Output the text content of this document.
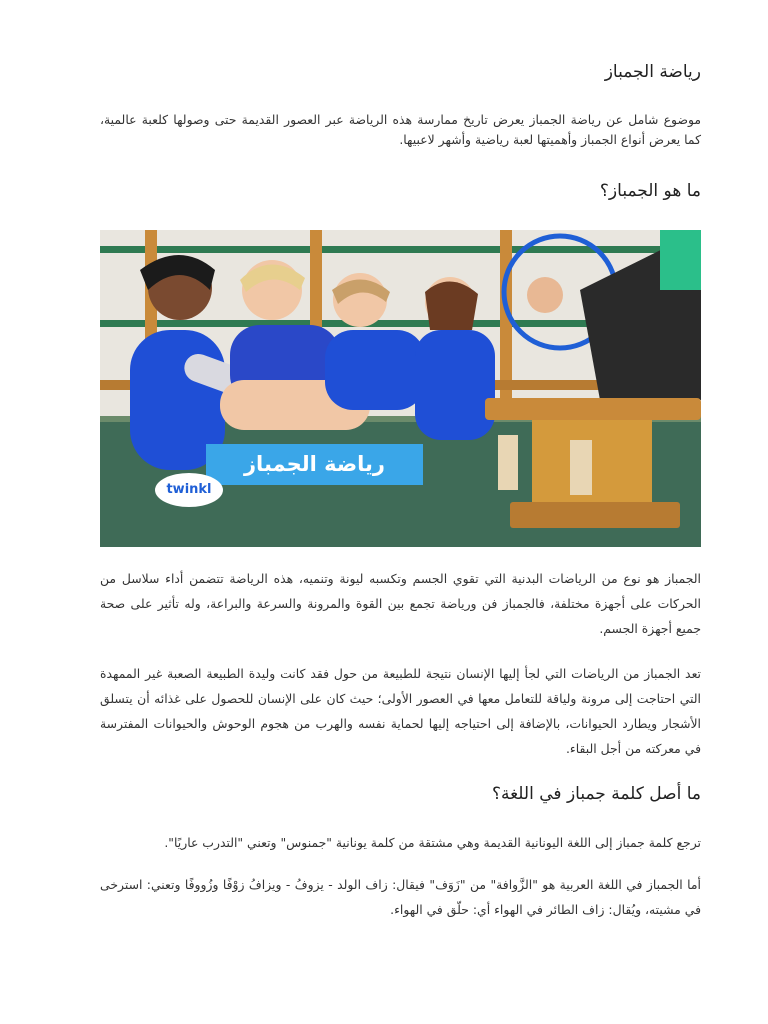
رياضة الجمباز

موضوع شامل عن رياضة الجمباز يعرض تاريخ ممارسة هذه الرياضة عبر العصور القديمة حتى وصولها كلعبة عالمية، كما يعرض أنواع الجمباز وأهميتها لعبة رياضية وأشهر لاعبيها.

ما هو الجمباز؟
رياضة الجمباز
twinkl

الجمباز هو نوع من الرياضات البدنية التي تقوي الجسم وتكسبه ليونة وتنميه، هذه الرياضة تتضمن أداء سلاسل من الحركات على أجهزة مختلفة، فالجمباز فن ورياضة تجمع بين القوة والمرونة والسرعة والبراعة، وله تأثير على صحة جميع أجهزة الجسم.

تعد الجمباز من الرياضات التي لجأ إليها الإنسان نتيجة للطبيعة من حول فقد كانت وليدة الطبيعة الصعبة غير الممهدة التي احتاجت إلى مرونة ولياقة للتعامل معها في العصور الأولى؛ حيث كان على الإنسان للحصول على غذائه أن يتسلق الأشجار ويطارد الحيوانات، بالإضافة إلى احتياجه إليها لحماية نفسه والهرب من هجوم الوحوش والحيوانات المفترسة في معركته من أجل البقاء.

ما أصل كلمة جمباز في اللغة؟

ترجع كلمة جمباز إلى اللغة اليونانية القديمة وهي مشتقة من كلمة يونانية "جمنوس" وتعني "التدرب عاريًا".

أما الجمباز في اللغة العربية هو "الزَّوافة" من "زَوَف" فيقال: زاف الولد - يزوفُ - ويزافُ زوْفًا وزُووفًا وتعني: استرخى في مشيته، ويُقال: زاف الطائر في الهواء أي: حلّق في الهواء.
